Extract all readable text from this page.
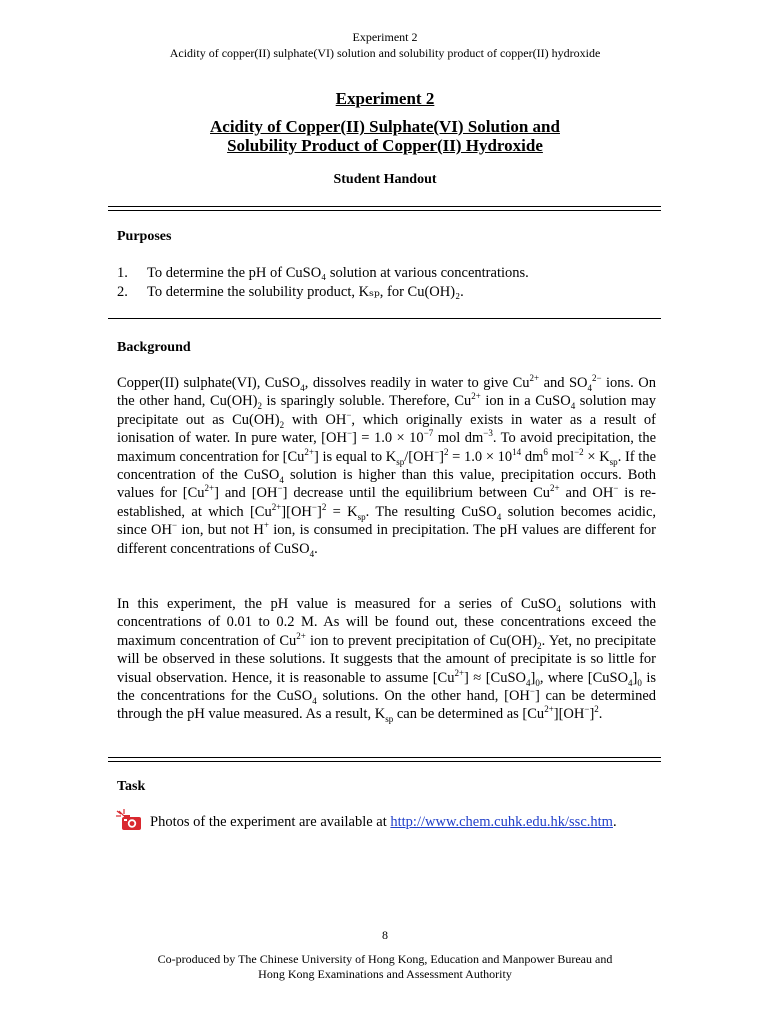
Experiment 2
Acidity of copper(II) sulphate(VI) solution and solubility product of copper(II) hydroxide
Experiment 2
Acidity of Copper(II) Sulphate(VI) Solution and
Solubility Product of Copper(II) Hydroxide
Student Handout
Purposes
1. To determine the pH of CuSO₄ solution at various concentrations.
2. To determine the solubility product, Kₛₚ, for Cu(OH)₂.
Background
Copper(II) sulphate(VI), CuSO$_4$, dissolves readily in water to give $Cu^{2+}$ and $SO_4^{2-}$ ions. On the other hand, $Cu(OH)_2$ is sparingly soluble. Therefore, $Cu^{2+}$ ion in a CuSO$_4$ solution may precipitate out as $Cu(OH)_2$ with OH−, which originally exists in water as a result of ionisation of water. In pure water, $[OH^-] = 1.0 \times 10^{-7}$ mol $dm^{-3}$. To avoid precipitation, the maximum concentration for $[Cu^{2+}]$ is equal to $K_{sp}/[OH^-]^2 = 1.0 \times 10^{14}$ $dm^6$ $mol^{-2} \times K_{sp}$. If the concentration of the CuSO$_4$ solution is higher than this value, precipitation occurs. Both values for $[Cu^{2+}]$ and [OH−] decrease until the equilibrium between $Cu^{2+}$ and OH− is re-established, at which $[Cu^{2+}][OH^-]^2 = K_{sp}$. The resulting CuSO$_4$ solution becomes acidic, since OH− ion, but not H+ ion, is consumed in precipitation. The pH values are different for different concentrations of CuSO$_4$.
In this experiment, the pH value is measured for a series of CuSO$_4$ solutions with concentrations of 0.01 to 0.2 M. As will be found out, these concentrations exceed the maximum concentration of $Cu^{2+}$ ion to prevent precipitation of $Cu(OH)_2$. Yet, no precipitate will be observed in these solutions. It suggests that the amount of precipitate is so little for visual observation. Hence, it is reasonable to assume $[Cu^{2+}]$ ≈ $[CuSO_4]_0$, where $[CuSO_4]_0$ is the concentrations for the CuSO$_4$ solutions. On the other hand, [OH−] can be determined through the pH value measured. As a result, $K_{sp}$ can be determined as $[Cu^{2+}][OH^-]^2$.
Task
Photos of the experiment are available at http://www.chem.cuhk.edu.hk/ssc.htm.
8
Co-produced by The Chinese University of Hong Kong, Education and Manpower Bureau and
Hong Kong Examinations and Assessment Authority
